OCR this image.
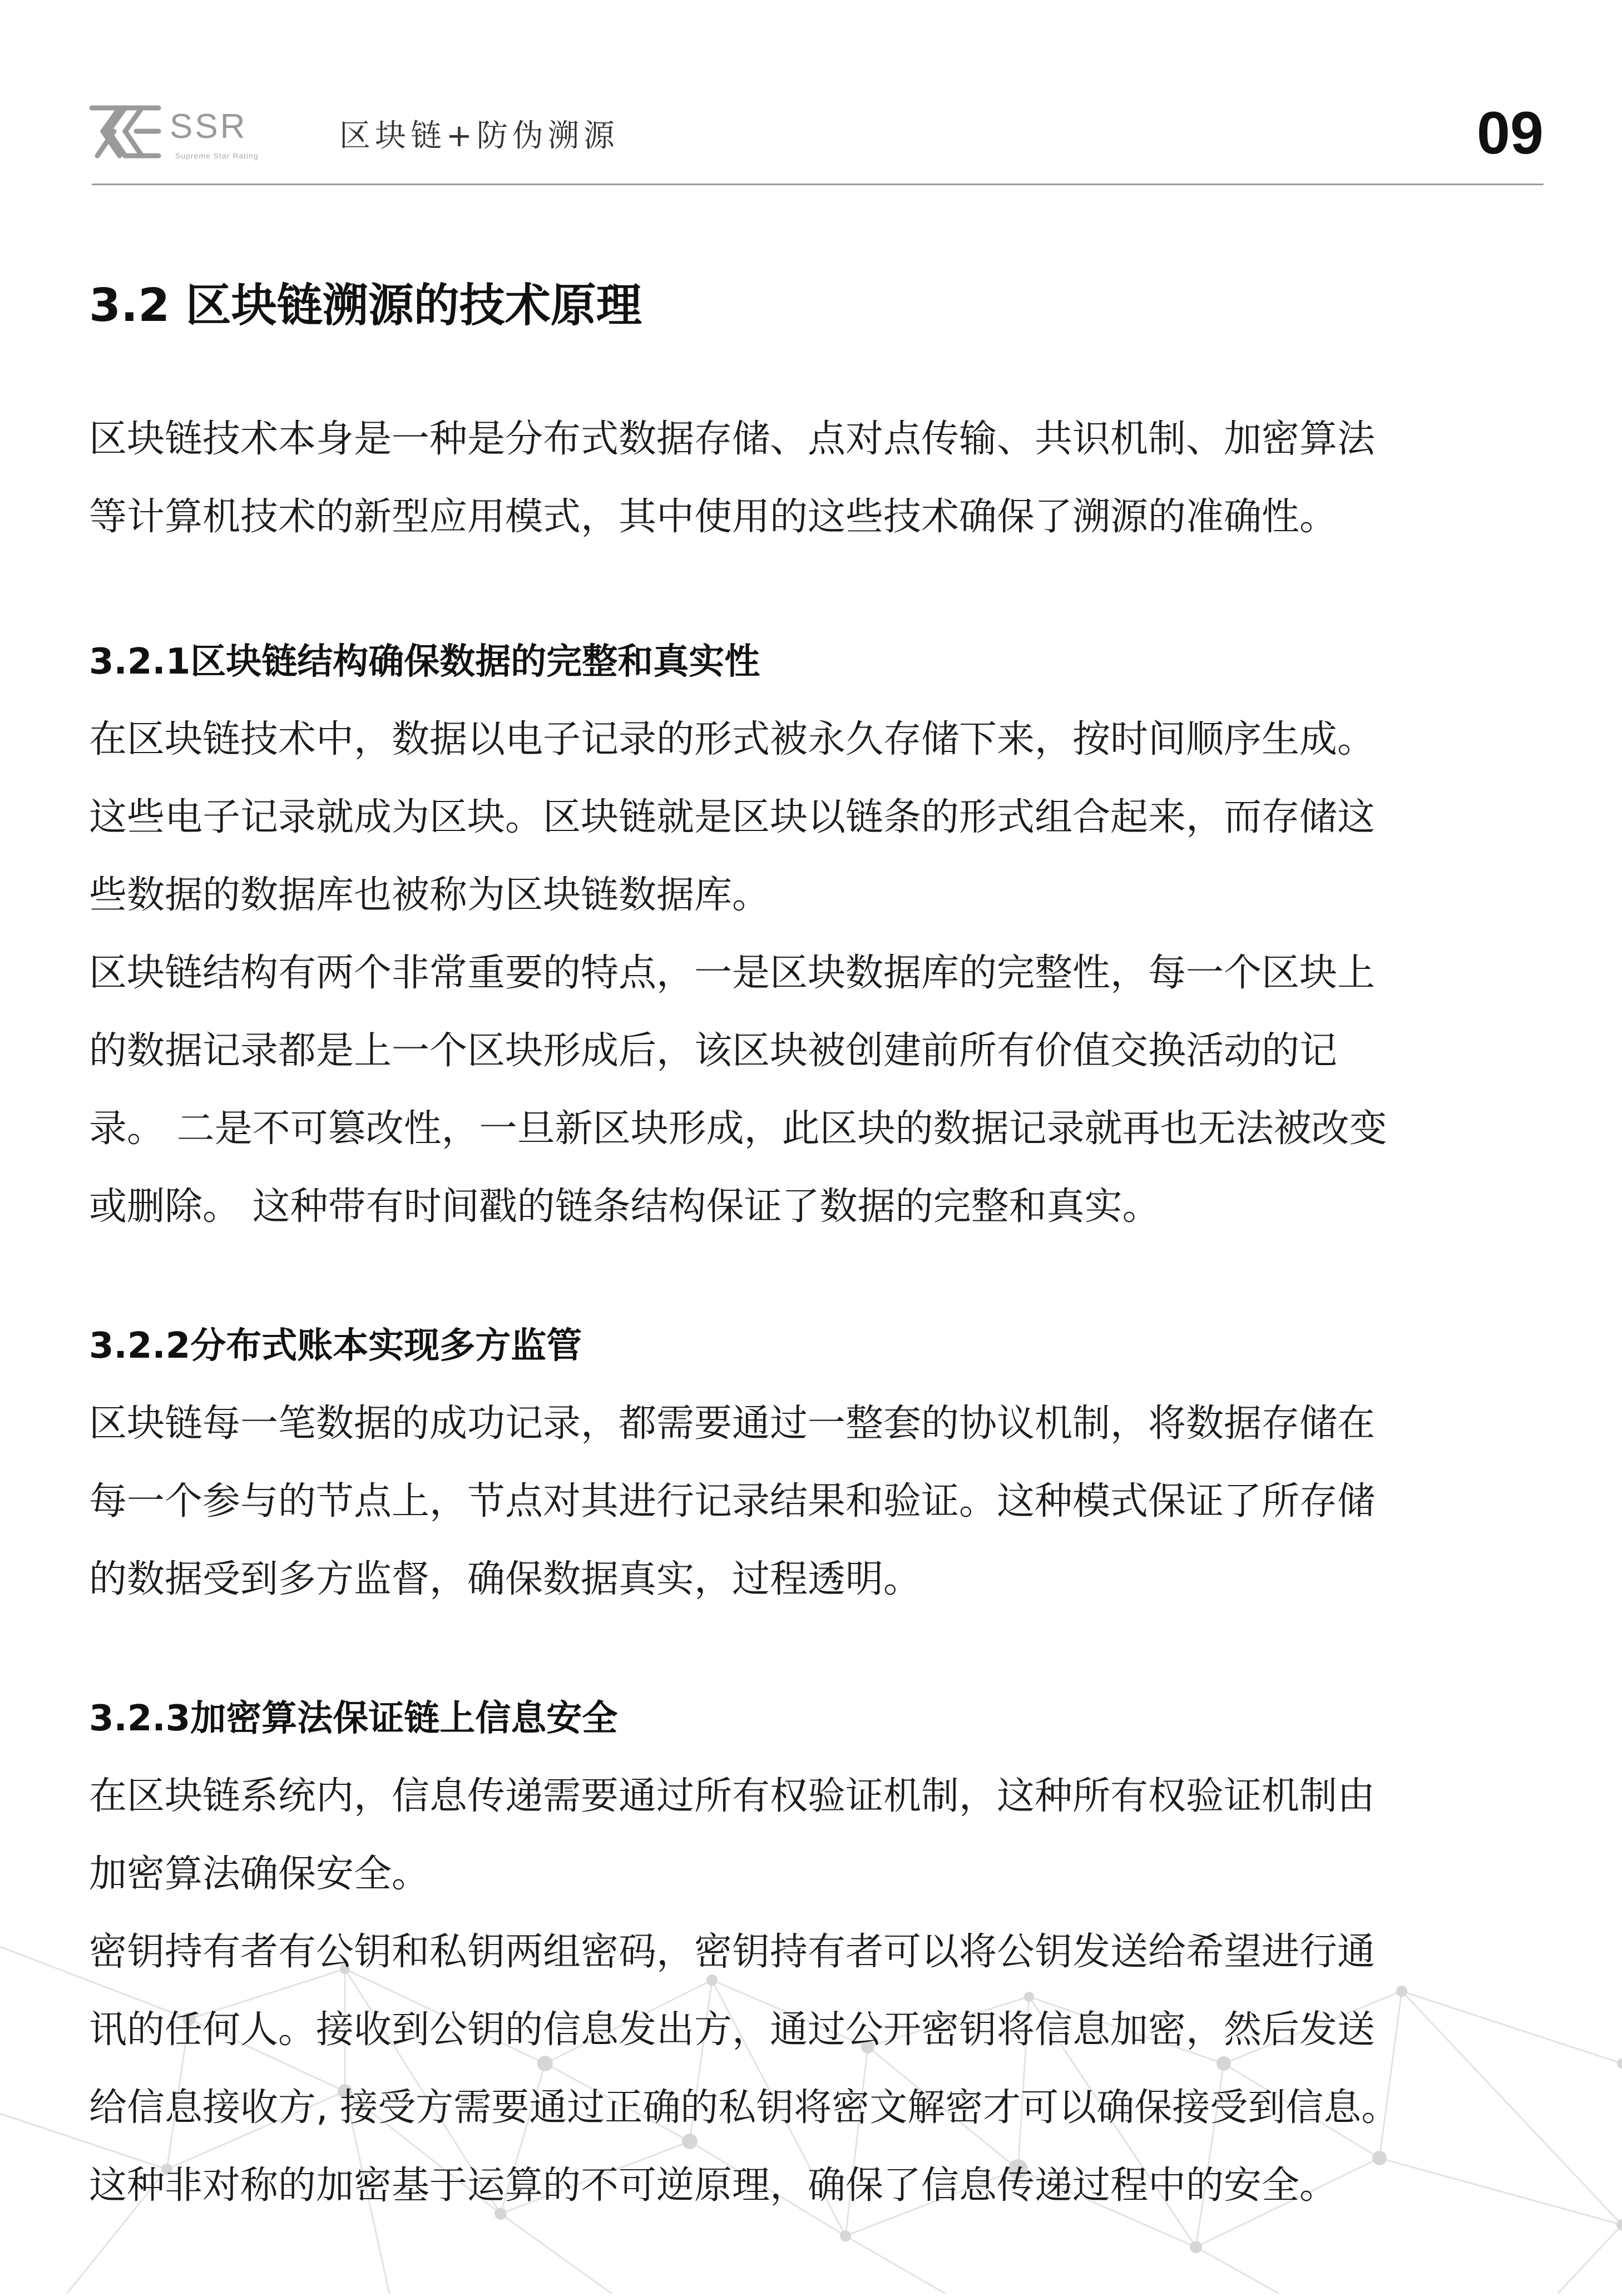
SSR
Supreme Star Rating
区块链+防伪溯源	09
3.2 区块链溯源的技术原理

区块链技术本身是一种是分布式数据存储、点对点传输、共识机制、加密算法

等计算机技术的新型应用模式，其中使用的这些技术确保了溯源的准确性。

3.2.1区块链结构确保数据的完整和真实性

在区块链技术中，数据以电子记录的形式被永久存储下来，按时间顺序生成。

这些电子记录就成为区块。区块链就是区块以链条的形式组合起来，而存储这

些数据的数据库也被称为区块链数据库。

区块链结构有两个非常重要的特点，一是区块数据库的完整性，每一个区块上

的数据记录都是上一个区块形成后，该区块被创建前所有价值交换活动的记

录。 二是不可篡改性，一旦新区块形成，此区块的数据记录就再也无法被改变

或删除。 这种带有时间戳的链条结构保证了数据的完整和真实。

3.2.2分布式账本实现多方监管

区块链每一笔数据的成功记录，都需要通过一整套的协议机制，将数据存储在

每一个参与的节点上，节点对其进行记录结果和验证。这种模式保证了所存储

的数据受到多方监督，确保数据真实，过程透明。

3.2.3加密算法保证链上信息安全

在区块链系统内，信息传递需要通过所有权验证机制，这种所有权验证机制由

加密算法确保安全。

密钥持有者有公钥和私钥两组密码，密钥持有者可以将公钥发送给希望进行通

讯的任何人。接收到公钥的信息发出方，通过公开密钥将信息加密，然后发送

给信息接收方, 接受方需要通过正确的私钥将密文解密才可以确保接受到信息。

这种非对称的加密基于运算的不可逆原理，确保了信息传递过程中的安全。
